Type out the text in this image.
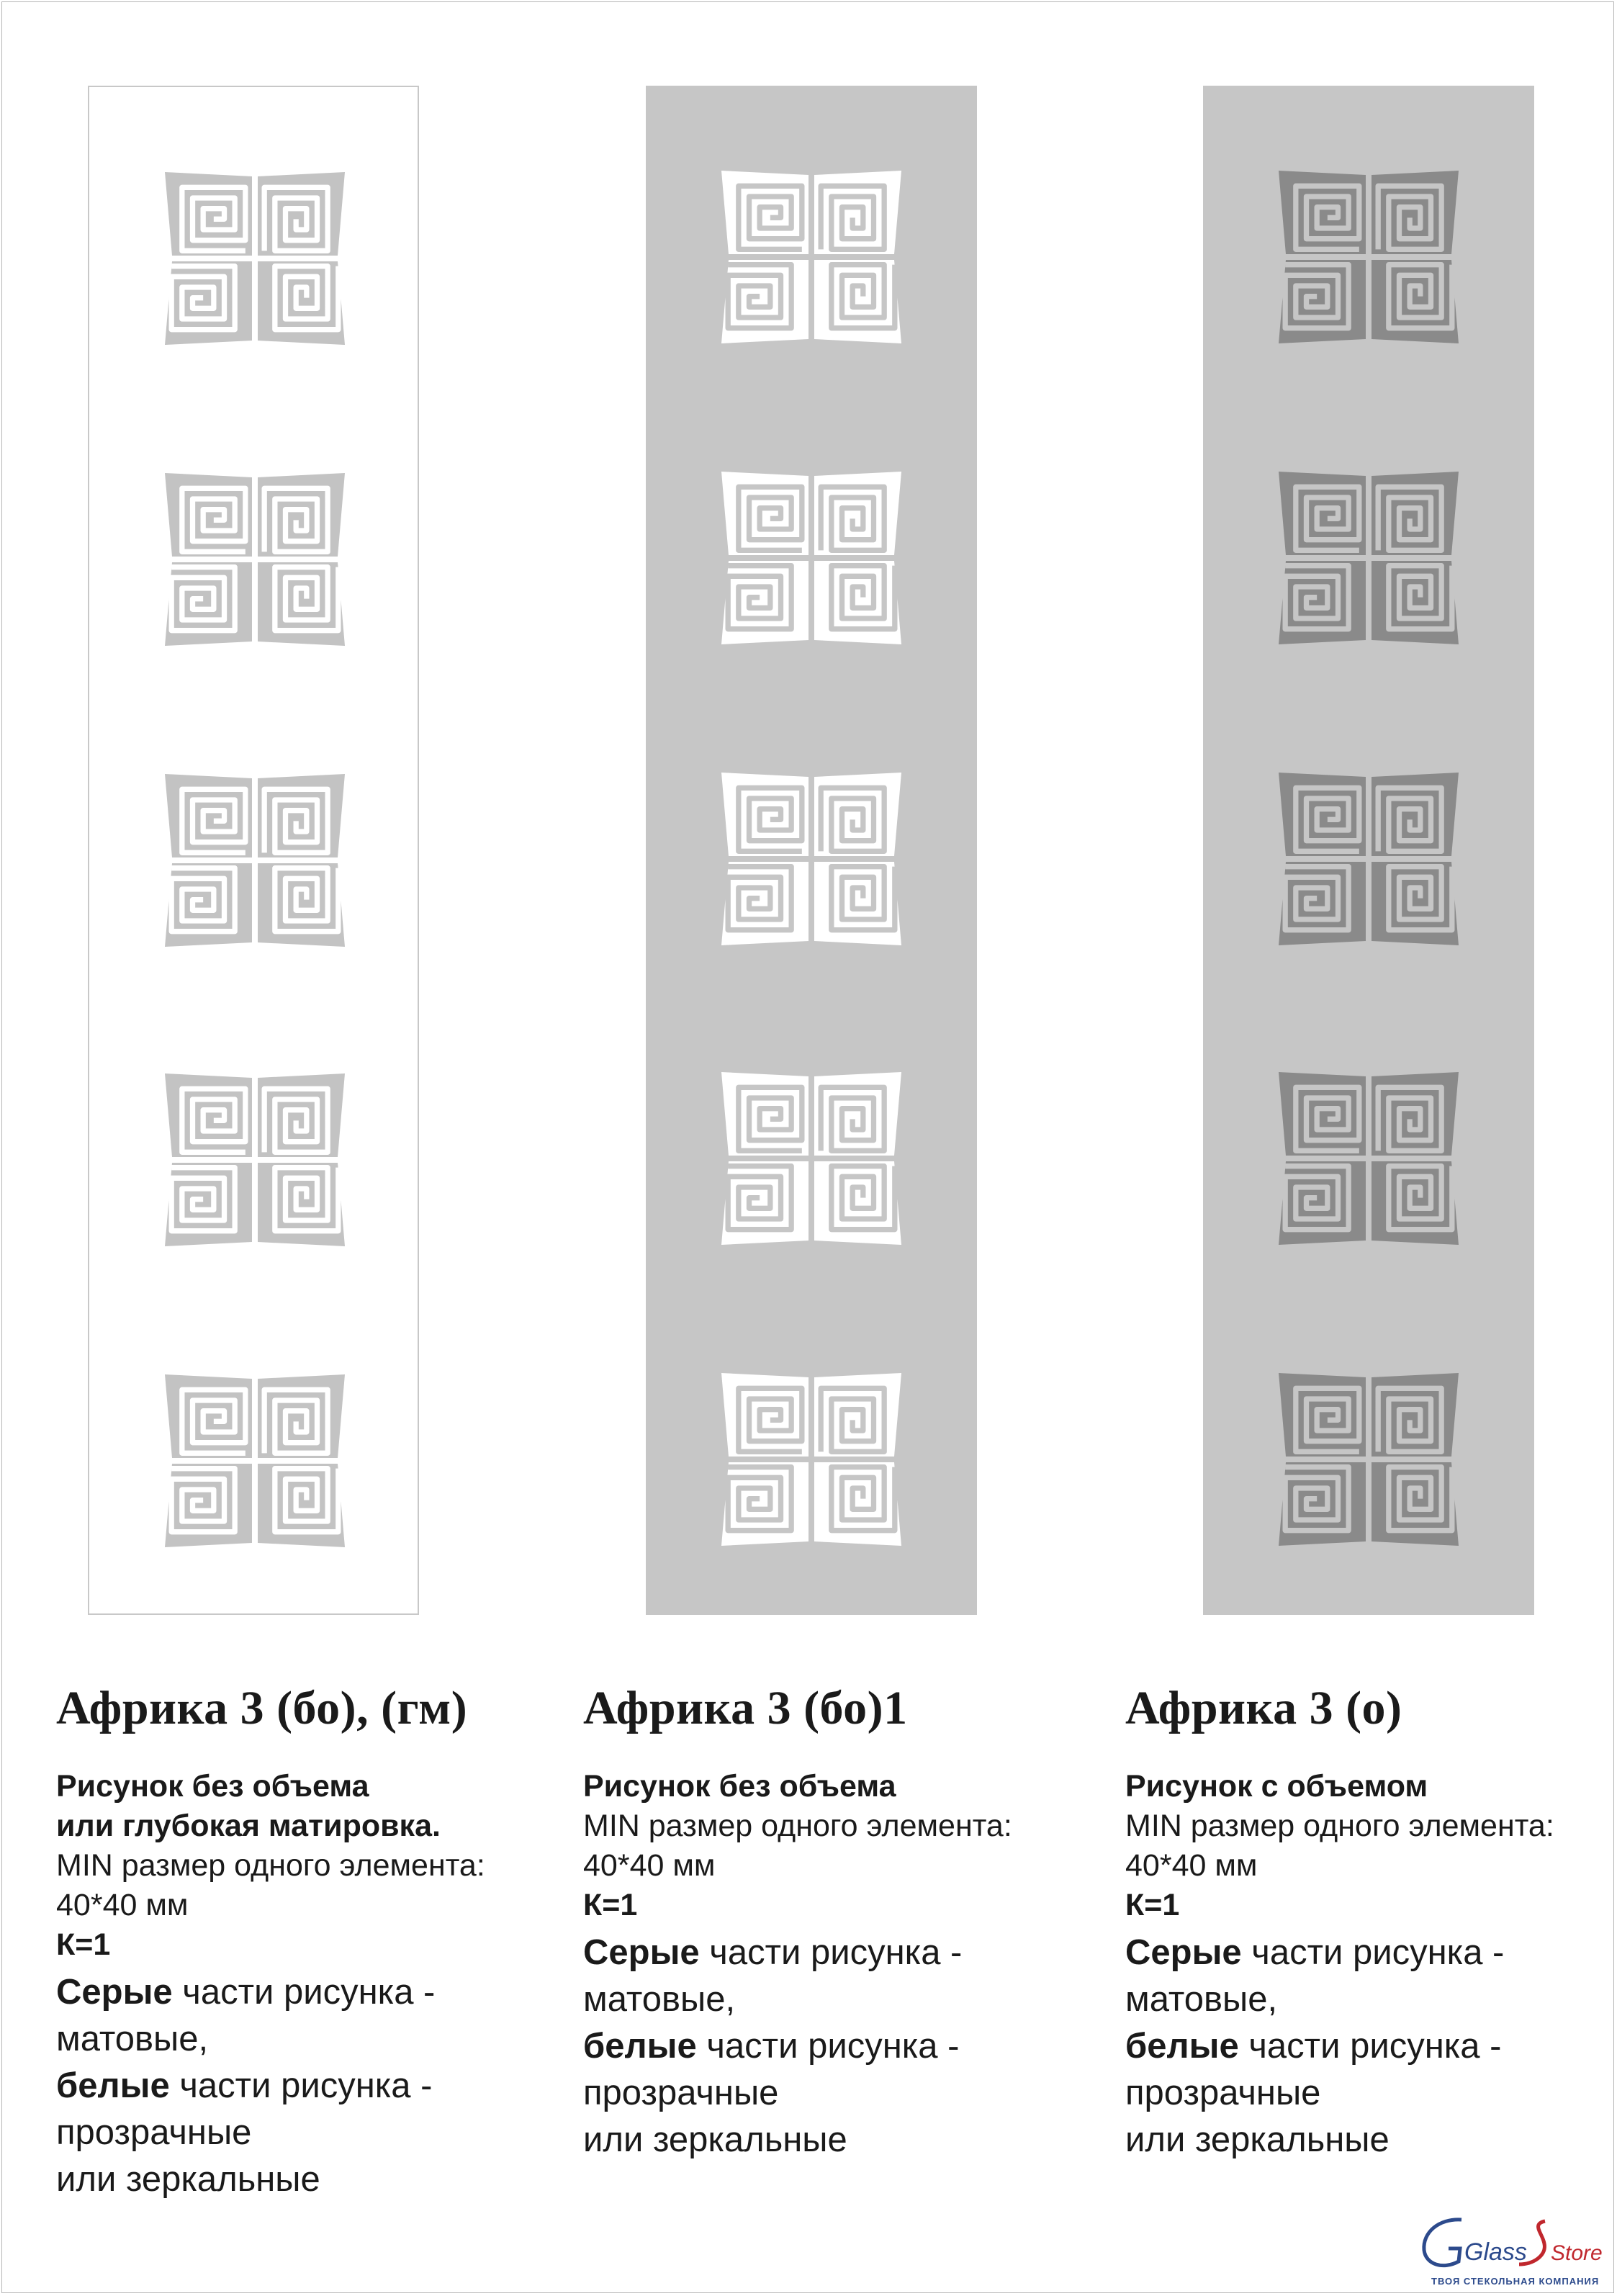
Африка 3 (бо), (гм)
Рисунок без объема
или глубокая матировка.
MIN размер одного элемента:
40*40 мм
К=1
Серые части рисунка -
матовые,
белые части рисунка -
прозрачные
или зеркальные
Африка 3 (бо)1
Рисунок без объема
MIN размер одного элемента:
40*40 мм
К=1
Серые части рисунка -
матовые,
белые части рисунка -
прозрачные
или зеркальные
Африка 3 (о)
Рисунок с объемом
MIN размер одного элемента:
40*40 мм
К=1
Серые части рисунка -
матовые,
белые части рисунка -
прозрачные
или зеркальные
Glass Store
ТВОЯ СТЕКОЛЬНАЯ КОМПАНИЯ
